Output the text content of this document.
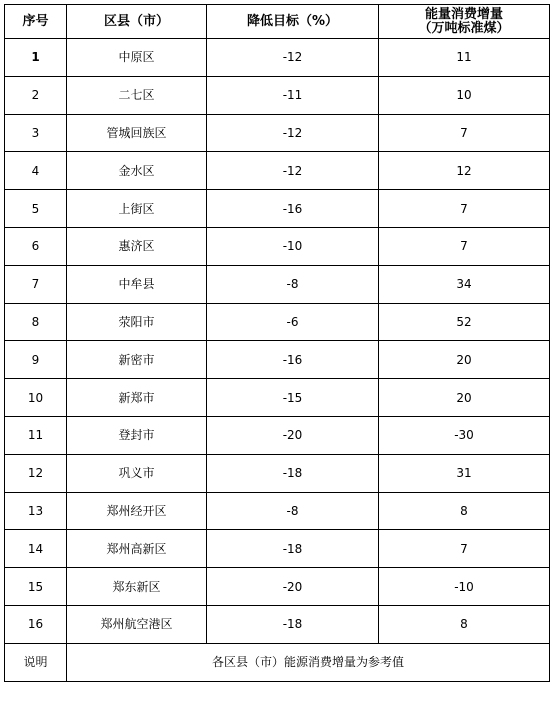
序号	区县（市）	降低目标（%）	能量消费增量
（万吨标准煤）

1	中原区	-12	11
2	二七区	-11	10
3	管城回族区	-12	7
4	金水区	-12	12
5	上街区	-16	7
6	惠济区	-10	7
7	中牟县	-8	34
8	荥阳市	-6	52
9	新密市	-16	20
10	新郑市	-15	20
11	登封市	-20	-30
12	巩义市	-18	31
13	郑州经开区	-8	8
14	郑州高新区	-18	7
15	郑东新区	-20	-10
16	郑州航空港区	-18	8
说明	各区县（市）能源消费增量为参考值		
